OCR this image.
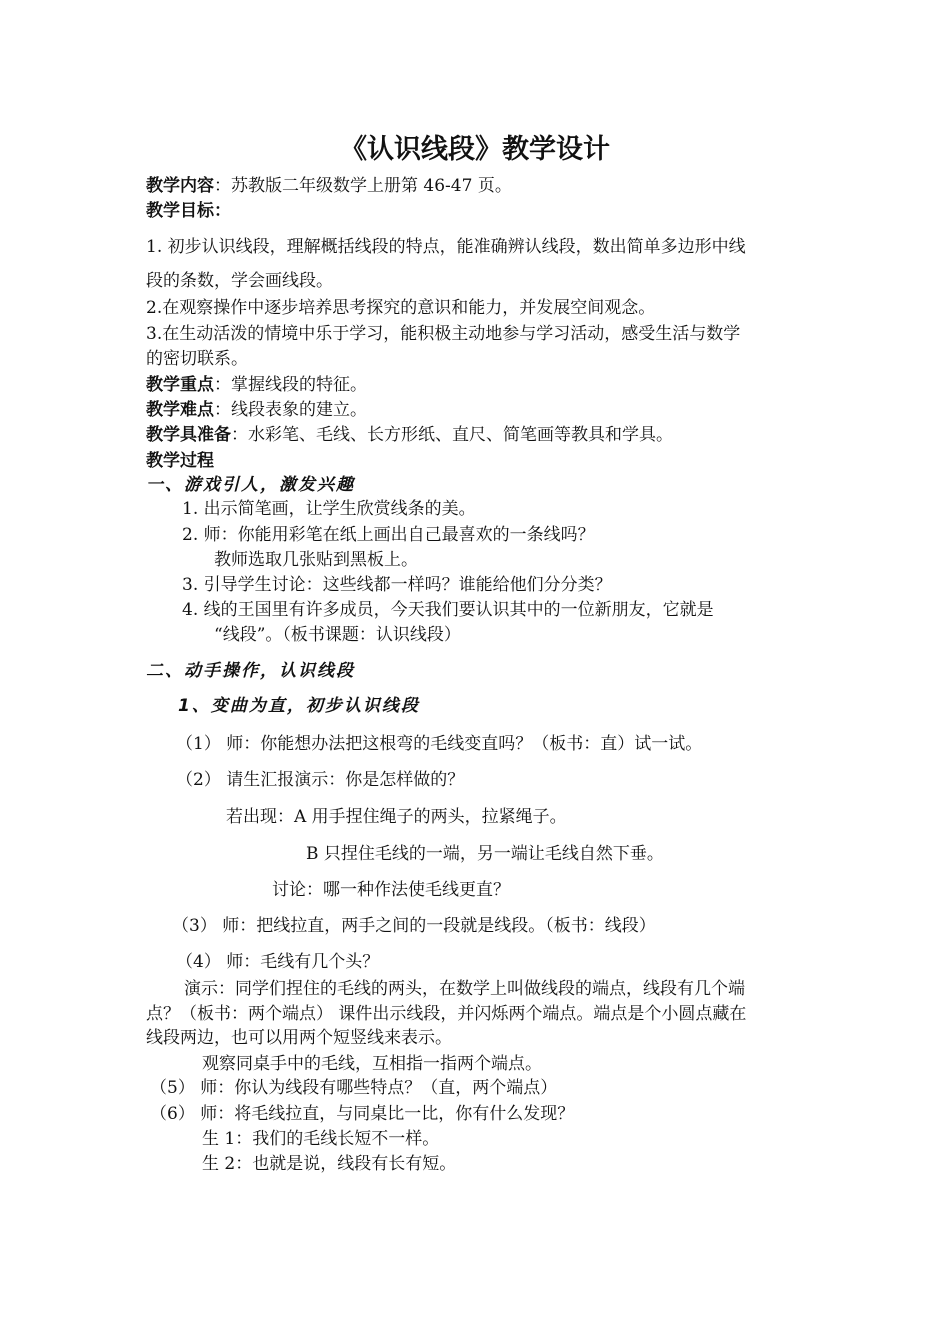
《认识线段》教学设计
教学内容：苏教版二年级数学上册第 46-47 页。
教学目标：
1. 初步认识线段，理解概括线段的特点，能准确辨认线段，数出简单多边形中线
段的条数，学会画线段。
2.在观察操作中逐步培养思考探究的意识和能力，并发展空间观念。
3.在生动活泼的情境中乐于学习，能积极主动地参与学习活动，感受生活与数学
的密切联系。
教学重点：掌握线段的特征。
教学难点：线段表象的建立。
教学具准备：水彩笔、毛线、长方形纸、直尺、简笔画等教具和学具。
教学过程
一、游戏引人，激发兴趣
1. 出示简笔画，让学生欣赏线条的美。
2. 师：你能用彩笔在纸上画出自己最喜欢的一条线吗？
教师选取几张贴到黑板上。
3. 引导学生讨论：这些线都一样吗？谁能给他们分分类？
4. 线的王国里有许多成员，今天我们要认识其中的一位新朋友，它就是
“线段”。（板书课题：认识线段）
二、动手操作，认识线段
1、变曲为直，初步认识线段
（1） 师：你能想办法把这根弯的毛线变直吗？（板书：直）试一试。
（2） 请生汇报演示：你是怎样做的？
若出现：A 用手捏住绳子的两头，拉紧绳子。
B 只捏住毛线的一端，另一端让毛线自然下垂。
讨论：哪一种作法使毛线更直？
（3） 师：把线拉直，两手之间的一段就是线段。（板书：线段）
（4） 师：毛线有几个头？
演示：同学们捏住的毛线的两头，在数学上叫做线段的端点，线段有几个端
点？（板书：两个端点） 课件出示线段，并闪烁两个端点。端点是个小圆点藏在
线段两边，也可以用两个短竖线来表示。
观察同桌手中的毛线，互相指一指两个端点。
（5） 师：你认为线段有哪些特点？（直，两个端点）
（6） 师：将毛线拉直，与同桌比一比，你有什么发现？
生 1：我们的毛线长短不一样。
生 2：也就是说，线段有长有短。
